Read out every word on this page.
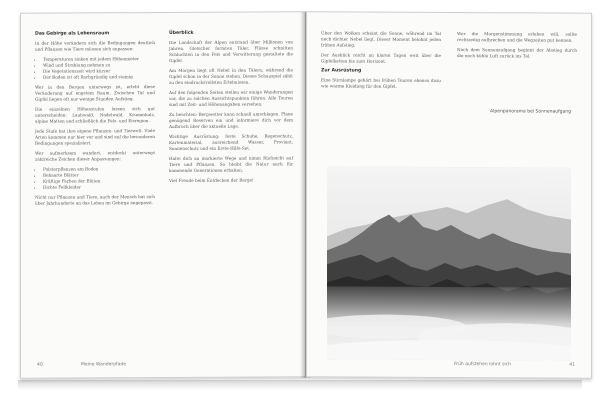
Das Gebirge als Lebensraum

In der Höhe verändern sich die Bedingungen deutlich und Pflanzen wie Tiere müssen sich anpassen:

• Temperaturen sinken mit jedem Höhenmeter
• Wind und Strahlung nehmen zu
• Die Vegetationszeit wird kürzer
• Der Boden ist oft flachgründig und steinig

Wer in den Bergen unterwegs ist, erlebt diese Veränderung auf engstem Raum. Zwischen Tal und Gipfel liegen oft nur wenige Stunden Aufstieg.

Die einzelnen Höhenstufen lassen sich gut unterscheiden: Laubwald, Nadelwald, Krummholz, alpine Matten und schließlich die Fels- und Eisregion.

Jede Stufe hat ihre eigene Pflanzen- und Tierwelt. Viele Arten kommen nur hier vor und sind auf die besonderen Bedingungen spezialisiert.

Wer aufmerksam wandert, entdeckt unterwegs zahlreiche Zeichen dieser Anpassungen:

• Polsterpflanzen am Boden
• Behaarte Blätter
• Kräftige Farben der Blüten
• Dichte Fellkleider

Nicht nur Pflanzen und Tiere, auch der Mensch hat sich über Jahrhunderte an das Leben im Gebirge angepasst.

Überblick

Die Landschaft der Alpen entstand über Millionen von Jahren. Gletscher formten Täler, Flüsse schnitten Schluchten in den Fels und Verwitterung gestaltete die Gipfel.

Am Morgen liegt oft Nebel in den Tälern, während die Gipfel schon in der Sonne stehen. Dieses Schauspiel zählt zu den eindrucksvollsten Erlebnissen.

Auf den folgenden Seiten stellen wir einige Wanderungen vor, die zu solchen Aussichtspunkten führen. Alle Touren sind mit Zeit- und Höhenangaben versehen.

Zu beachten: Bergwetter kann schnell umschlagen. Plane genügend Reserven ein und informiere dich vor dem Aufbruch über die aktuelle Lage.

Wichtige Ausrüstung: feste Schuhe, Regenschutz, Kartenmaterial, ausreichend Wasser, Proviant, Sonnenschutz und ein Erste-Hilfe-Set.

Halte dich an markierte Wege und nimm Rücksicht auf Tiere und Pflanzen. So bleibt die Natur auch für kommende Generationen erhalten.

Viel Freude beim Entdecken der Berge!

40	Meine Wanderpfade

Über den Wolken scheint die Sonne, während im Tal noch dichter Nebel liegt. Dieser Moment belohnt jeden frühen Aufstieg.

Der Ausblick reicht an klaren Tagen weit über die Gipfelketten bis zum Horizont.

Zur Ausrüstung

Eine Stirnlampe gehört bei frühen Touren ebenso dazu wie warme Kleidung für den Gipfel.

Wer die Morgenstimmung erleben will, sollte rechtzeitig aufbrechen und die Wegzeiten gut kennen.

Nach dem Sonnenaufgang beginnt der Abstieg durch die noch kühle Luft zurück ins Tal.

Alpenpanorama bei Sonnenaufgang
Früh aufstehen lohnt sich	41
